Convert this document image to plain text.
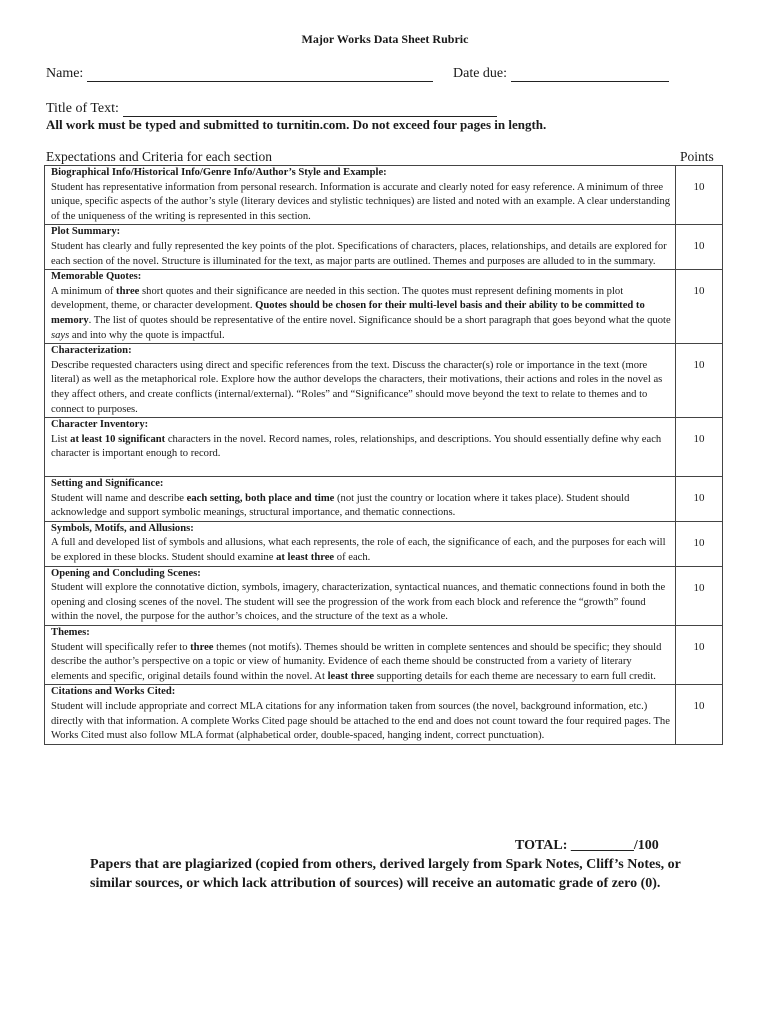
Major Works Data Sheet Rubric
Name:	Date due:
Title of Text:
All work must be typed and submitted to turnitin.com. Do not exceed four pages in length.
Expectations and Criteria for each section	Points
Biographical Info/Historical Info/Genre Info/Author’s Style and Example:
Student has representative information from personal research. Information is accurate and clearly noted for easy reference. A minimum of three unique, specific aspects of the author’s style (literary devices and stylistic techniques) are listed and noted with an example. A clear understanding of the uniqueness of the writing is represented in this section.	10
Plot Summary:
Student has clearly and fully represented the key points of the plot. Specifications of characters, places, relationships, and details are explored for each section of the novel. Structure is illuminated for the text, as major parts are outlined. Themes and purposes are alluded to in the summary.	10
Memorable Quotes:
A minimum of three short quotes and their significance are needed in this section. The quotes must represent defining moments in plot development, theme, or character development. Quotes should be chosen for their multi-level basis and their ability to be committed to memory. The list of quotes should be representative of the entire novel. Significance should be a short paragraph that goes beyond what the quote says and into why the quote is impactful.	10
Characterization:
Describe requested characters using direct and specific references from the text. Discuss the character(s) role or importance in the text (more literal) as well as the metaphorical role. Explore how the author develops the characters, their motivations, their actions and roles in the novel as they affect others, and create conflicts (internal/external). “Roles” and “Significance” should move beyond the text to relate to themes and to connect to purposes.	10
Character Inventory:
List at least 10 significant characters in the novel. Record names, roles, relationships, and descriptions. You should essentially define why each character is important enough to record.	10
Setting and Significance:
Student will name and describe each setting, both place and time (not just the country or location where it takes place). Student should acknowledge and support symbolic meanings, structural importance, and thematic connections.	10
Symbols, Motifs, and Allusions:
A full and developed list of symbols and allusions, what each represents, the role of each, the significance of each, and the purposes for each will be explored in these blocks. Student should examine at least three of each.	10
Opening and Concluding Scenes:
Student will explore the connotative diction, symbols, imagery, characterization, syntactical nuances, and thematic connections found in both the opening and closing scenes of the novel. The student will see the progression of the work from each block and reference the “growth” found within the novel, the purpose for the author’s choices, and the structure of the text as a whole.	10
Themes:
Student will specifically refer to three themes (not motifs). Themes should be written in complete sentences and should be specific; they should describe the author’s perspective on a topic or view of humanity. Evidence of each theme should be constructed from a variety of literary elements and specific, original details found within the novel. At least three supporting details for each theme are necessary to earn full credit.	10
Citations and Works Cited:
Student will include appropriate and correct MLA citations for any information taken from sources (the novel, background information, etc.) directly with that information. A complete Works Cited page should be attached to the end and does not count toward the four required pages. The Works Cited must also follow MLA format (alphabetical order, double-spaced, hanging indent, correct punctuation).	10
TOTAL: _________/100
Papers that are plagiarized (copied from others, derived largely from Spark Notes, Cliff’s Notes, or similar sources, or which lack attribution of sources) will receive an automatic grade of zero (0).
